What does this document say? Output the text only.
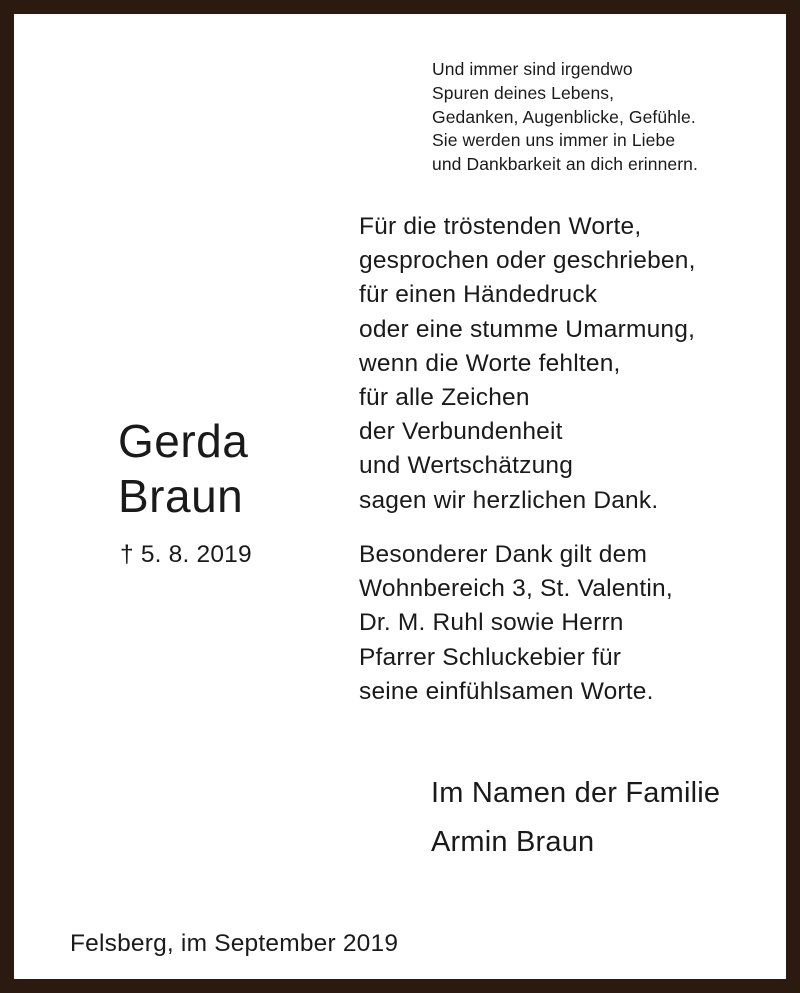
Und immer sind irgendwo
Spuren deines Lebens,
Gedanken, Augenblicke, Gefühle.
Sie werden uns immer in Liebe
und Dankbarkeit an dich erinnern.
Für die tröstenden Worte,
gesprochen oder geschrieben,
für einen Händedruck
oder eine stumme Umarmung,
wenn die Worte fehlten,
für alle Zeichen
der Verbundenheit
und Wertschätzung
sagen wir herzlichen Dank.
Gerda
Braun
† 5. 8. 2019	Besonderer Dank gilt dem
Wohnbereich 3, St. Valentin,
Dr. M. Ruhl sowie Herrn
Pfarrer Schluckebier für
seine einfühlsamen Worte.
Im Namen der Familie
Armin Braun
Felsberg, im September 2019
